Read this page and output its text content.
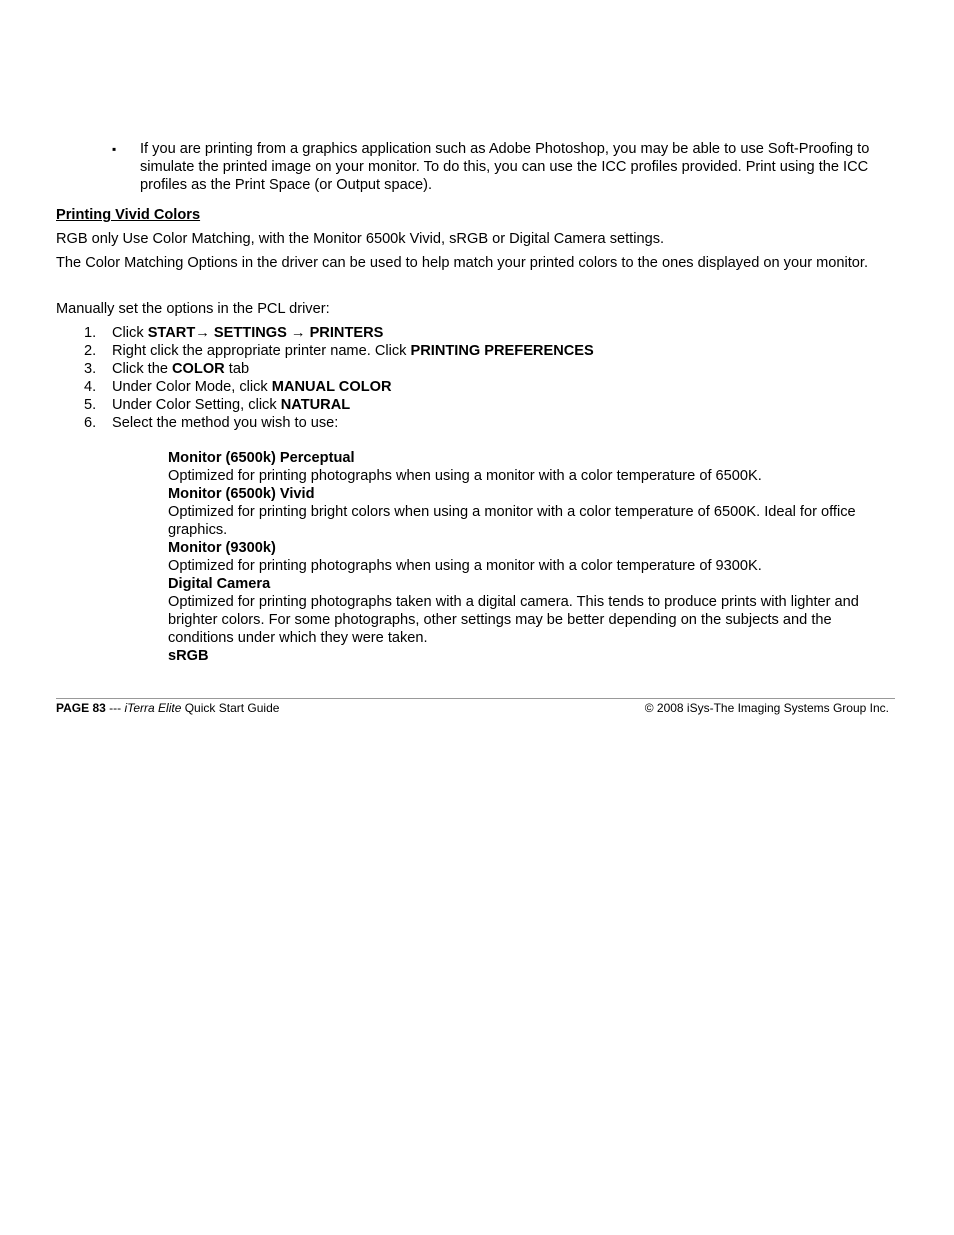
▪ If you are printing from a graphics application such as Adobe Photoshop, you may be able to use Soft-Proofing to simulate the printed image on your monitor. To do this, you can use the ICC profiles provided. Print using the ICC profiles as the Print Space (or Output space).
Printing Vivid Colors
RGB only Use Color Matching, with the Monitor 6500k Vivid, sRGB or Digital Camera settings.
The Color Matching Options in the driver can be used to help match your printed colors to the ones displayed on your monitor.
Manually set the options in the PCL driver:
1.	Click START→ SETTINGS → PRINTERS
2.	Right click the appropriate printer name. Click PRINTING PREFERENCES
3.	Click the COLOR tab
4.	Under Color Mode, click MANUAL COLOR
5.	Under Color Setting, click NATURAL
6.	Select the method you wish to use:
Monitor (6500k) Perceptual
Optimized for printing photographs when using a monitor with a color temperature of 6500K.
Monitor (6500k) Vivid
Optimized for printing bright colors when using a monitor with a color temperature of 6500K. Ideal for office graphics.
Monitor (9300k)
Optimized for printing photographs when using a monitor with a color temperature of 9300K.
Digital Camera
Optimized for printing photographs taken with a digital camera. This tends to produce prints with lighter and brighter colors. For some photographs, other settings may be better depending on the subjects and the conditions under which they were taken.
sRGB
PAGE 83 --- iTerra Elite Quick Start Guide	© 2008 iSys-The Imaging Systems Group Inc.
